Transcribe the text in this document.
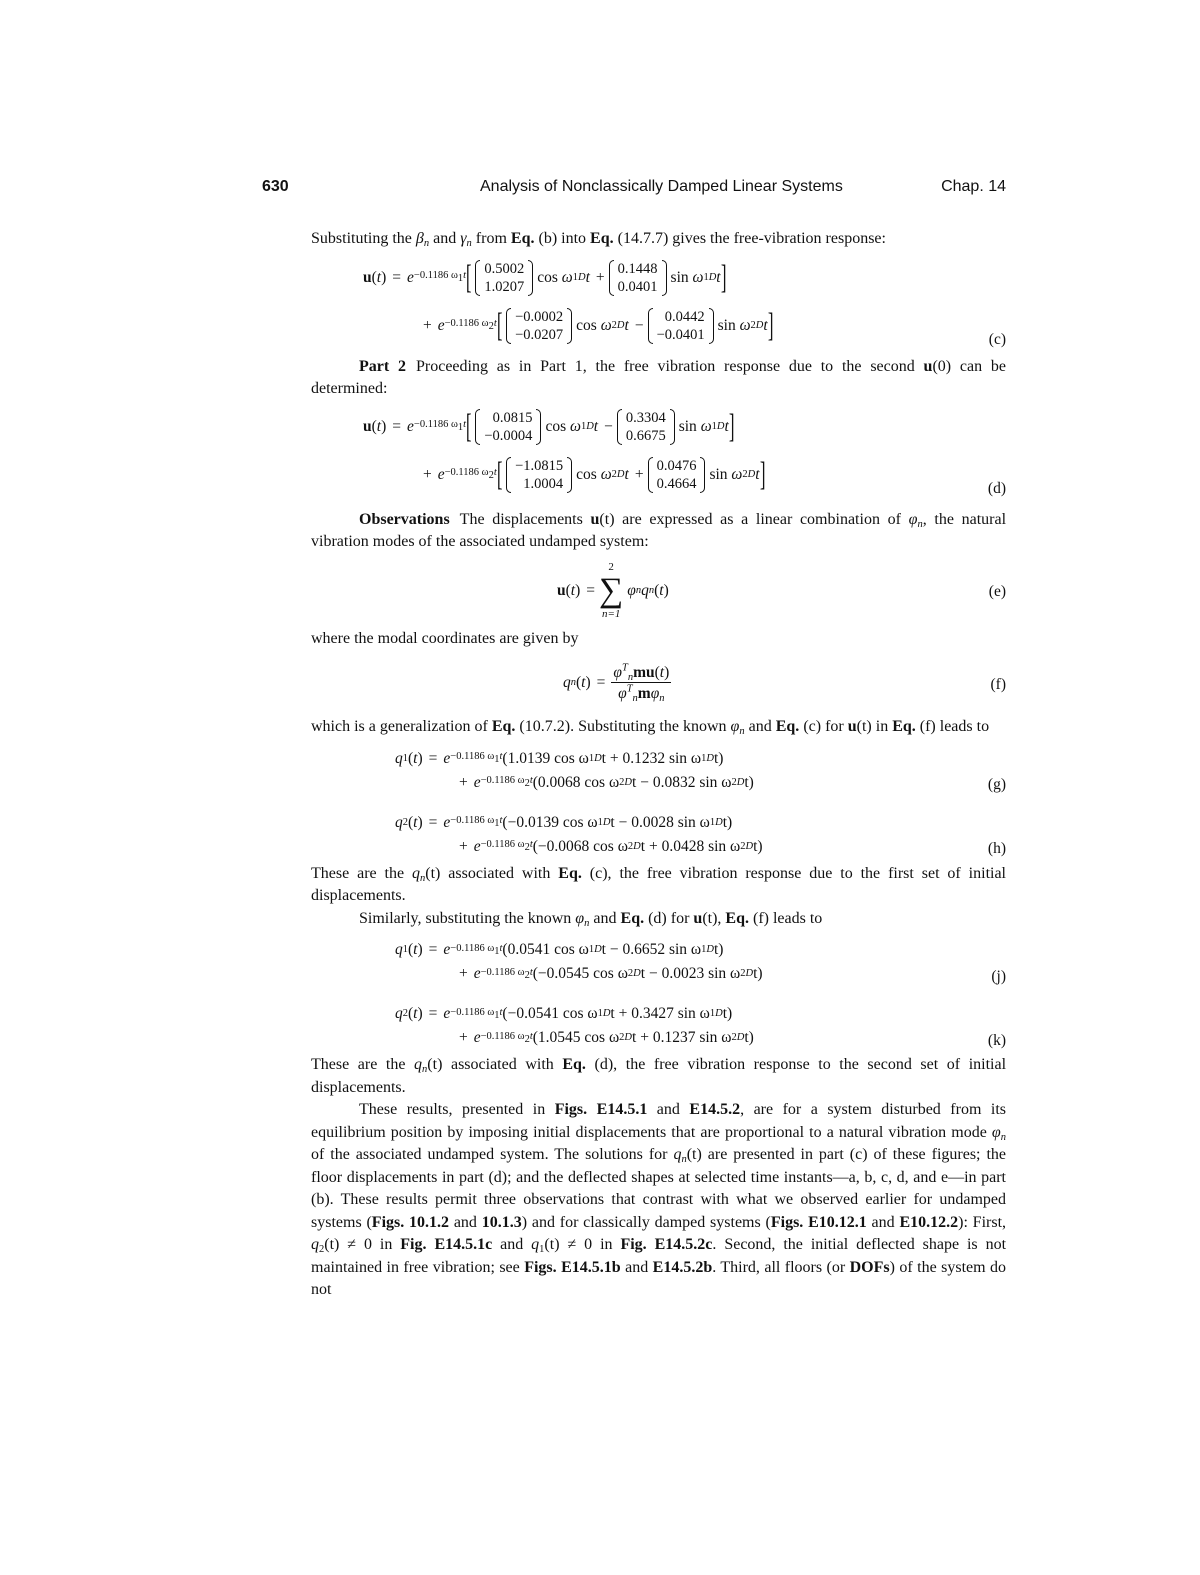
630	Analysis of Nonclassically Damped Linear Systems	Chap. 14

Substituting the $\beta_n$ and $\gamma_n$ from Eq. (b) into Eq. (14.7.7) gives the free-vibration response:

u ( t ) = e −0.1186 $\omega_1t$ [ 0.5002
1.0207
cos
ω 1 D t +
0.1448
0.0401
sin
ω 1 D t ]
+ e −0.1186 $\omega_2t$ [ −0.0002
−0.0207
cos
ω 2 D t −
0.0442
−0.0401
sin
ω 2 D t ]	(c)

Part 2 Proceeding as in Part 1, the free vibration response due to the second u(0) can be determined:

u ( t ) = e −0.1186 $\omega_1t$ [ 0.0815
−0.0004
cos
ω 1 D t −
0.3304
0.6675
sin
ω 1 D t ]
+ e −0.1186 $\omega_2t$ [ −1.0815
1.0004
cos
ω 2 D t +
0.0476
0.4664
sin
ω 2 D t ]	(d)

Observations The displacements u(t) are expressed as a linear combination of $\varphi_n$, the natural vibration modes of the associated undamped system:

u ( t ) =
2
∑
n=1
φ n q n ( t )	(e)

where the modal coordinates are given by

q n ( t ) = $\frac{\varphi^T_nmu(t)}{\varphi^T_nm\varphi_n}$	(f)

which is a generalization of Eq. (10.7.2). Substituting the known $\varphi_n$ and Eq. (c) for u(t) in Eq. (f) leads to

q 1 ( t ) = e −0.1186 $\omega_1t$ (1.0139 cos ω 1 D t + 0.1232 sin ω 1 D t)
+ e −0.1186 $\omega_2t$ (0.0068 cos ω 2 D t − 0.0832 sin ω 2 D t)	(g)
q 2 ( t ) = e −0.1186 $\omega_1t$ (−0.0139 cos ω 1 D t − 0.0028 sin ω 1 D t)
+ e −0.1186 $\omega_2t$ (−0.0068 cos ω 2 D t + 0.0428 sin ω 2 D t)	(h)

These are the $q_n(t)$ associated with Eq. (c), the free vibration response due to the first set of initial displacements.

Similarly, substituting the known $\varphi_n$ and Eq. (d) for u(t), Eq. (f) leads to

q 1 ( t ) = e −0.1186 $\omega_1t$ (0.0541 cos ω 1 D t − 0.6652 sin ω 1 D t)
+ e −0.1186 $\omega_2t$ (−0.0545 cos ω 2 D t − 0.0023 sin ω 2 D t)	(j)
q 2 ( t ) = e −0.1186 $\omega_1t$ (−0.0541 cos ω 1 D t + 0.3427 sin ω 1 D t)
+ e −0.1186 $\omega_2t$ (1.0545 cos ω 2 D t + 0.1237 sin ω 2 D t)	(k)

These are the $q_n(t)$ associated with Eq. (d), the free vibration response to the second set of initial displacements.

These results, presented in Figs. E14.5.1 and E14.5.2, are for a system disturbed from its equilibrium position by imposing initial displacements that are proportional to a natural vibration mode $\varphi_n$ of the associated undamped system. The solutions for $q_n(t)$ are presented in part (c) of these figures; the floor displacements in part (d); and the deflected shapes at selected time instants—a, b, c, d, and e—in part (b). These results permit three observations that contrast with what we observed earlier for undamped systems (Figs. 10.1.2 and 10.1.3) and for classically damped systems (Figs. E10.12.1 and E10.12.2): First, $q_2(t) \ne 0$ in Fig. E14.5.1c and $q_1(t) \ne 0$ in Fig. E14.5.2c. Second, the initial deflected shape is not maintained in free vibration; see Figs. E14.5.1b and E14.5.2b. Third, all floors (or DOFs) of the system do not
